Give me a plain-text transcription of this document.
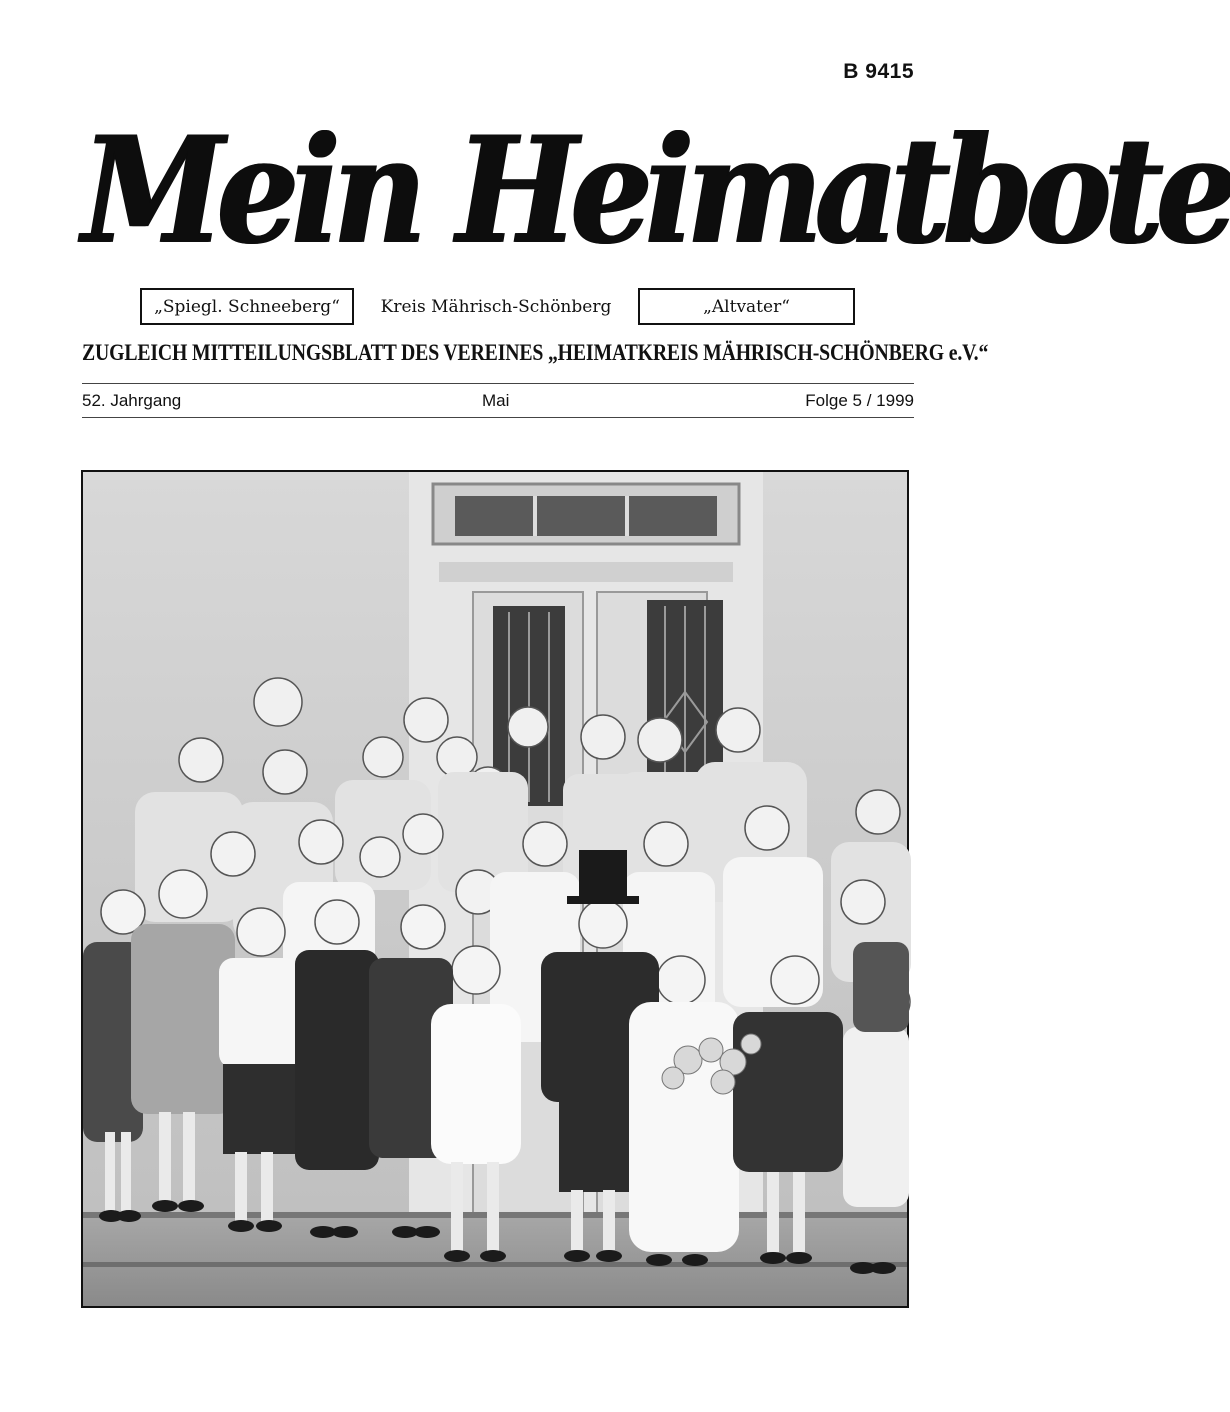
B 9415
Mein Heimatbote
„Spiegl. Schneeberg“	Kreis Mährisch-Schönberg	„Altvater“
ZUGLEICH MITTEILUNGSBLATT DES VEREINES „HEIMATKREIS MÄHRISCH-SCHÖNBERG e.V.“
52. Jahrgang	Mai	Folge 5 / 1999
